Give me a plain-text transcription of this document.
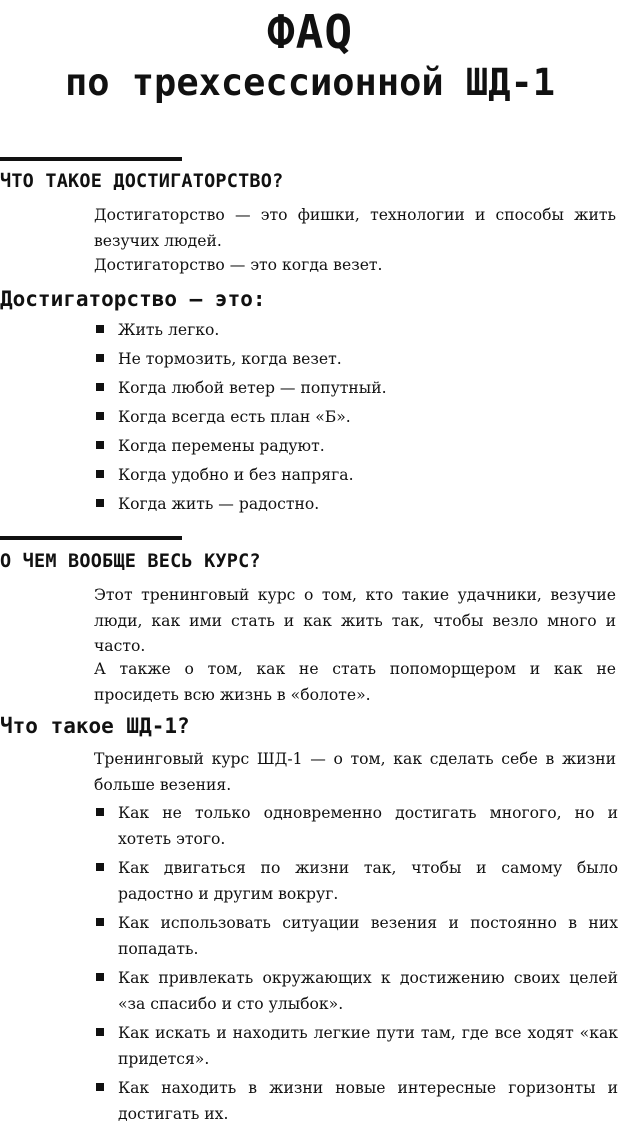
ФАQ
по трехсессионной ШД-1
ЧТО ТАКОЕ ДОСТИГАТОРСТВО?
Достигаторство — это фишки, технологии и способы жить везучих людей.
Достигаторство — это когда везет.
Достигаторство – это:
Жить легко.
Не тормозить, когда везет.
Когда любой ветер — попутный.
Когда всегда есть план «Б».
Когда перемены радуют.
Когда удобно и без напряга.
Когда жить — радостно.
О ЧЕМ ВООБЩЕ ВЕСЬ КУРС?
Этот тренинговый курс о том, кто такие удачники, везучие люди, как ими стать и как жить так, чтобы везло много и часто.
А также о том, как не стать попоморщером и как не просидеть всю жизнь в «болоте».
Что такое ШД-1?
Тренинговый курс ШД-1 — о том, как сделать себе в жизни больше везения.
Как не только одновременно достигать многого, но и хотеть этого.
Как двигаться по жизни так, чтобы и самому было радостно и другим вокруг.
Как использовать ситуации везения и постоянно в них попадать.
Как привлекать окружающих к достижению своих целей «за спасибо и сто улыбок».
Как искать и находить легкие пути там, где все ходят «как придется».
Как находить в жизни новые интересные горизонты и достигать их.
